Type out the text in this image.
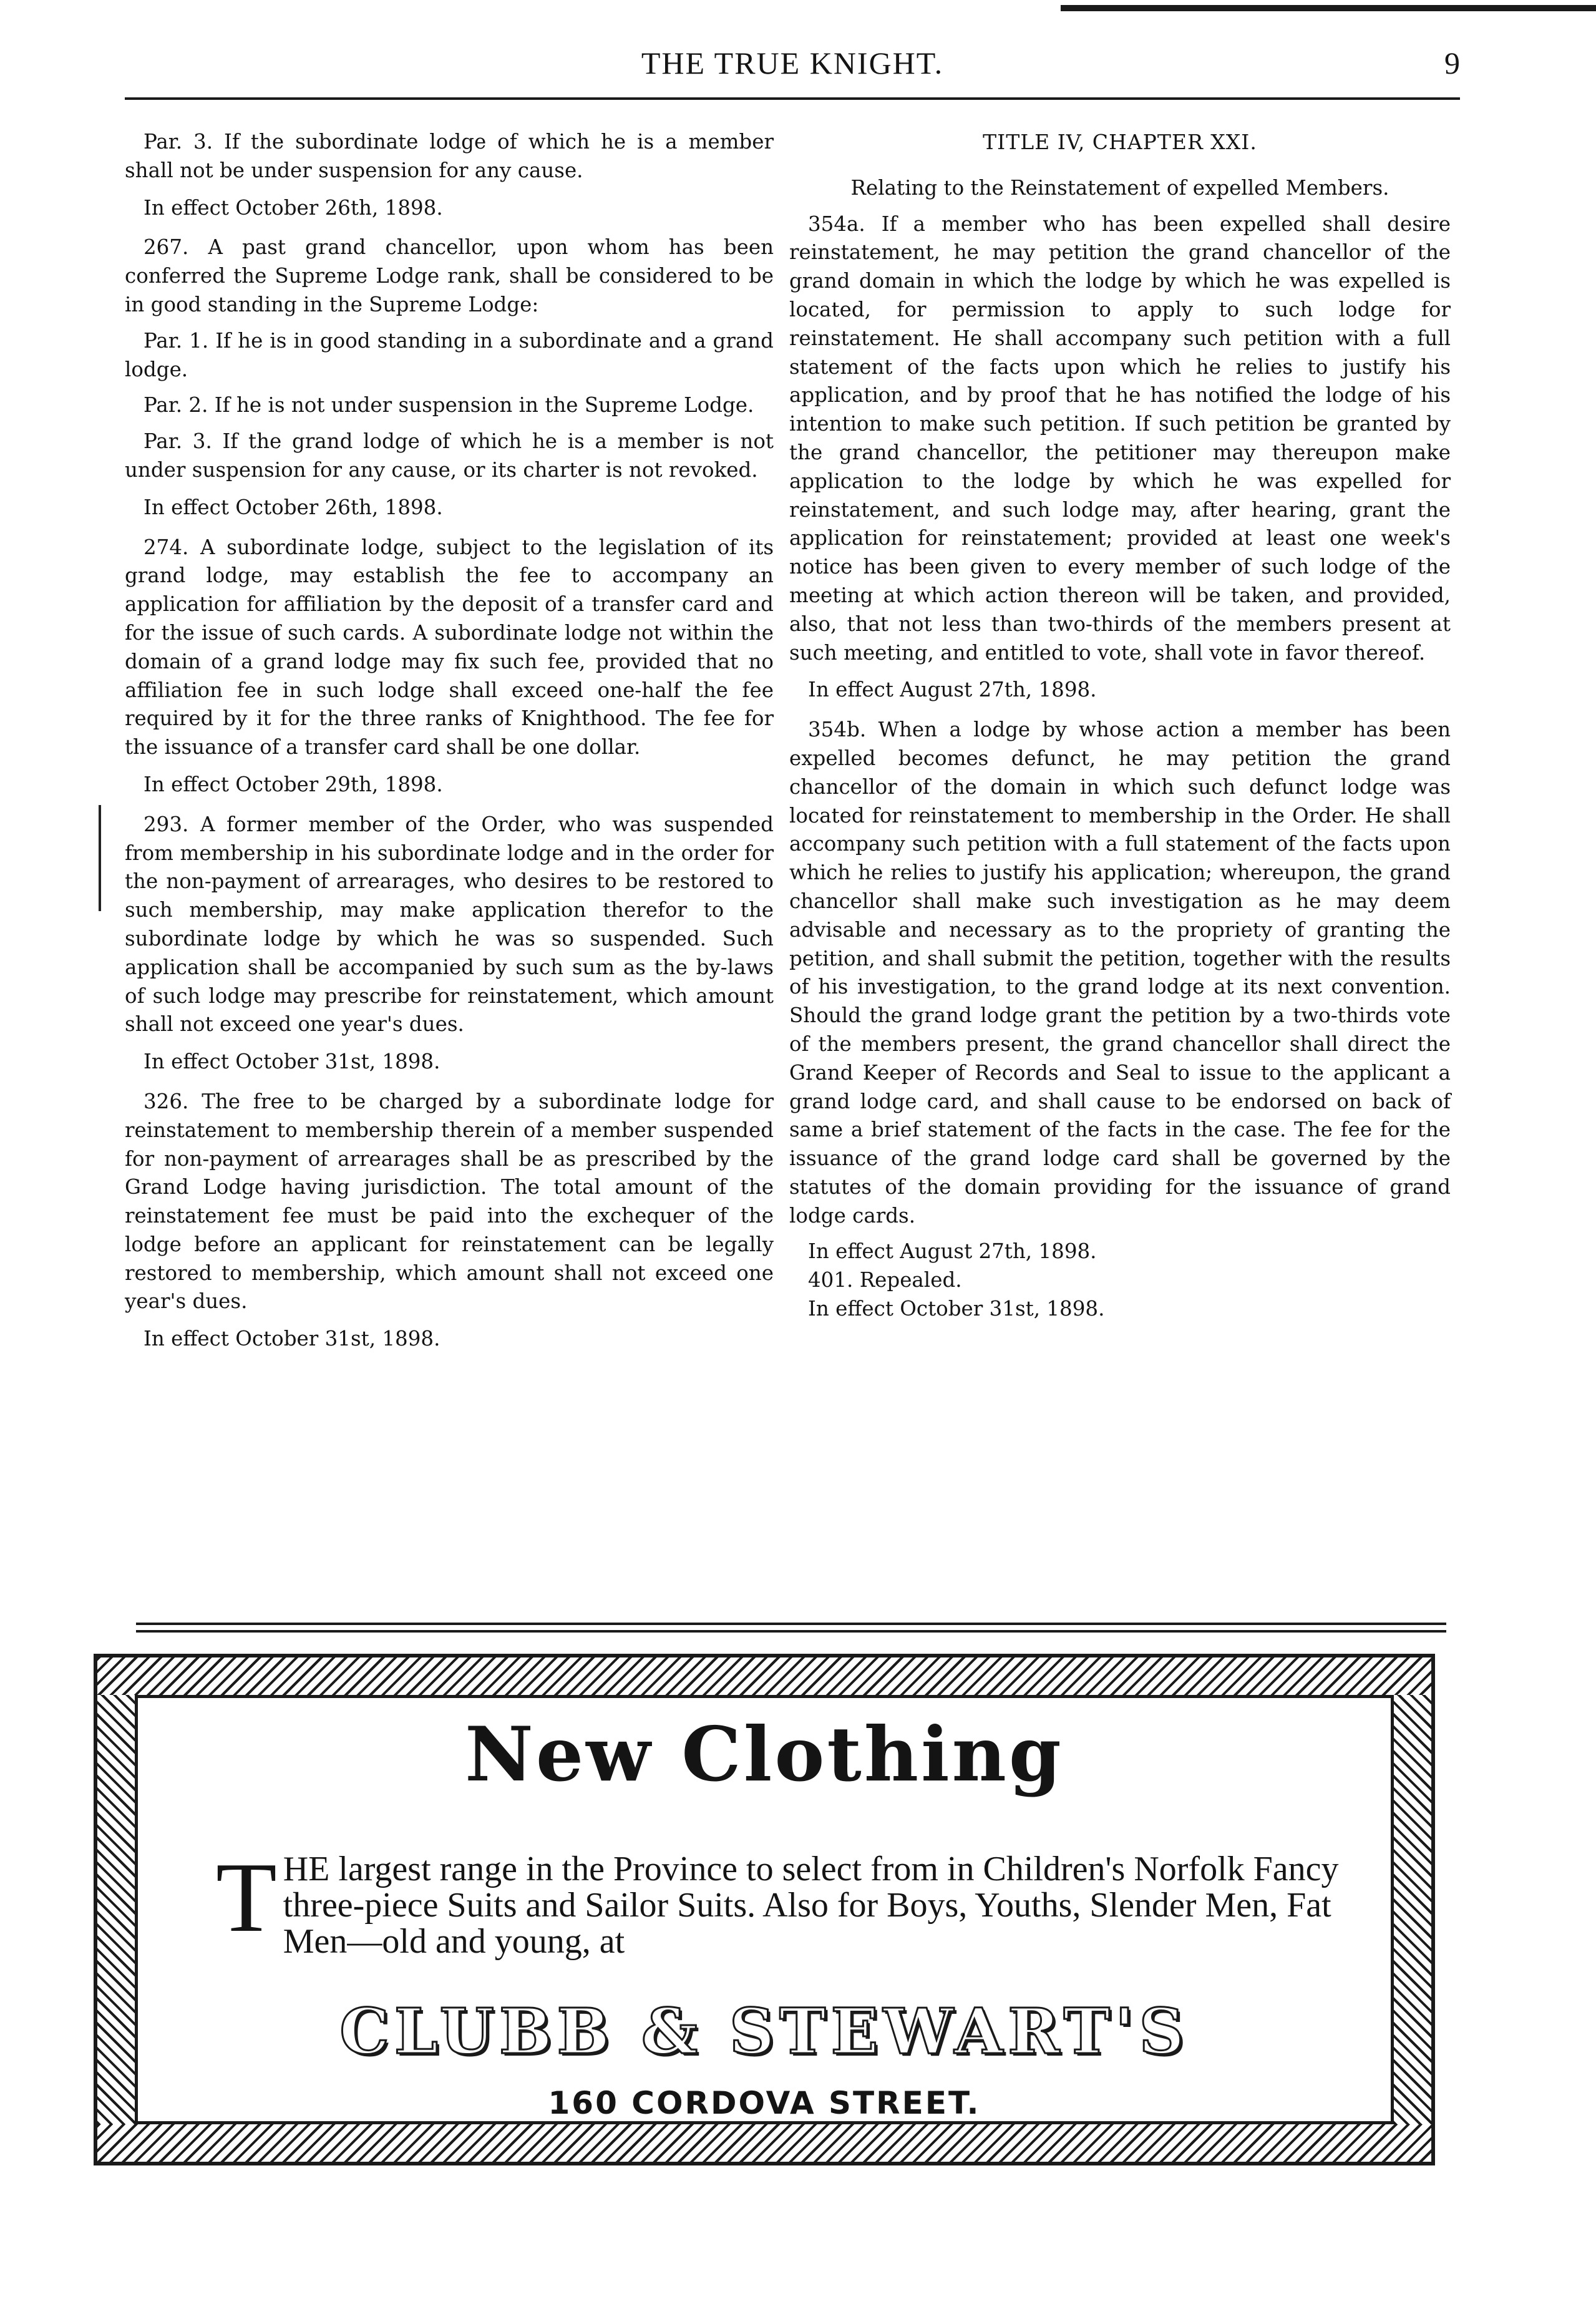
THE TRUE KNIGHT.	9

Par. 3. If the subordinate lodge of which he is a member shall not be under suspension for any cause.

In effect October 26th, 1898.

267. A past grand chancellor, upon whom has been conferred the Supreme Lodge rank, shall be considered to be in good standing in the Supreme Lodge:

Par. 1. If he is in good standing in a subordinate and a grand lodge.

Par. 2. If he is not under suspension in the Supreme Lodge.

Par. 3. If the grand lodge of which he is a member is not under suspension for any cause, or its charter is not revoked.

In effect October 26th, 1898.

274. A subordinate lodge, subject to the legislation of its grand lodge, may establish the fee to accompany an application for affiliation by the deposit of a transfer card and for the issue of such cards. A subordinate lodge not within the domain of a grand lodge may fix such fee, provided that no affiliation fee in such lodge shall exceed one-half the fee required by it for the three ranks of Knighthood. The fee for the issuance of a transfer card shall be one dollar.

In effect October 29th, 1898.

293. A former member of the Order, who was suspended from membership in his subordinate lodge and in the order for the non-payment of arrearages, who desires to be restored to such membership, may make application therefor to the subordinate lodge by which he was so suspended. Such application shall be accompanied by such sum as the by-laws of such lodge may prescribe for reinstatement, which amount shall not exceed one year's dues.

In effect October 31st, 1898.

326. The free to be charged by a subordinate lodge for reinstatement to membership therein of a member suspended for non-payment of arrearages shall be as prescribed by the Grand Lodge having jurisdiction. The total amount of the reinstatement fee must be paid into the exchequer of the lodge before an applicant for reinstatement can be legally restored to membership, which amount shall not exceed one year's dues.

In effect October 31st, 1898.

TITLE IV, CHAPTER XXI.

Relating to the Reinstatement of expelled Members.

354a. If a member who has been expelled shall desire reinstatement, he may petition the grand chancellor of the grand domain in which the lodge by which he was expelled is located, for permission to apply to such lodge for reinstatement. He shall accompany such petition with a full statement of the facts upon which he relies to justify his application, and by proof that he has notified the lodge of his intention to make such petition. If such petition be granted by the grand chancellor, the petitioner may thereupon make application to the lodge by which he was expelled for reinstatement, and such lodge may, after hearing, grant the application for reinstatement; provided at least one week's notice has been given to every member of such lodge of the meeting at which action thereon will be taken, and provided, also, that not less than two-thirds of the members present at such meeting, and entitled to vote, shall vote in favor thereof.

In effect August 27th, 1898.

354b. When a lodge by whose action a member has been expelled becomes defunct, he may petition the grand chancellor of the domain in which such defunct lodge was located for reinstatement to membership in the Order. He shall accompany such petition with a full statement of the facts upon which he relies to justify his application; whereupon, the grand chancellor shall make such investigation as he may deem advisable and necessary as to the propriety of granting the petition, and shall submit the petition, together with the results of his investigation, to the grand lodge at its next convention. Should the grand lodge grant the petition by a two-thirds vote of the members present, the grand chancellor shall direct the Grand Keeper of Records and Seal to issue to the applicant a grand lodge card, and shall cause to be endorsed on back of same a brief statement of the facts in the case. The fee for the issuance of the grand lodge card shall be governed by the statutes of the domain providing for the issuance of grand lodge cards.

In effect August 27th, 1898.

401. Repealed.

In effect October 31st, 1898.

New Clothing
T HE largest range in the Province to select from in Children's Norfolk Fancy three-piece Suits and Sailor Suits. Also for Boys, Youths, Slender Men, Fat Men—old and young, at
CLUBB & STEWART'S
160 CORDOVA STREET.
